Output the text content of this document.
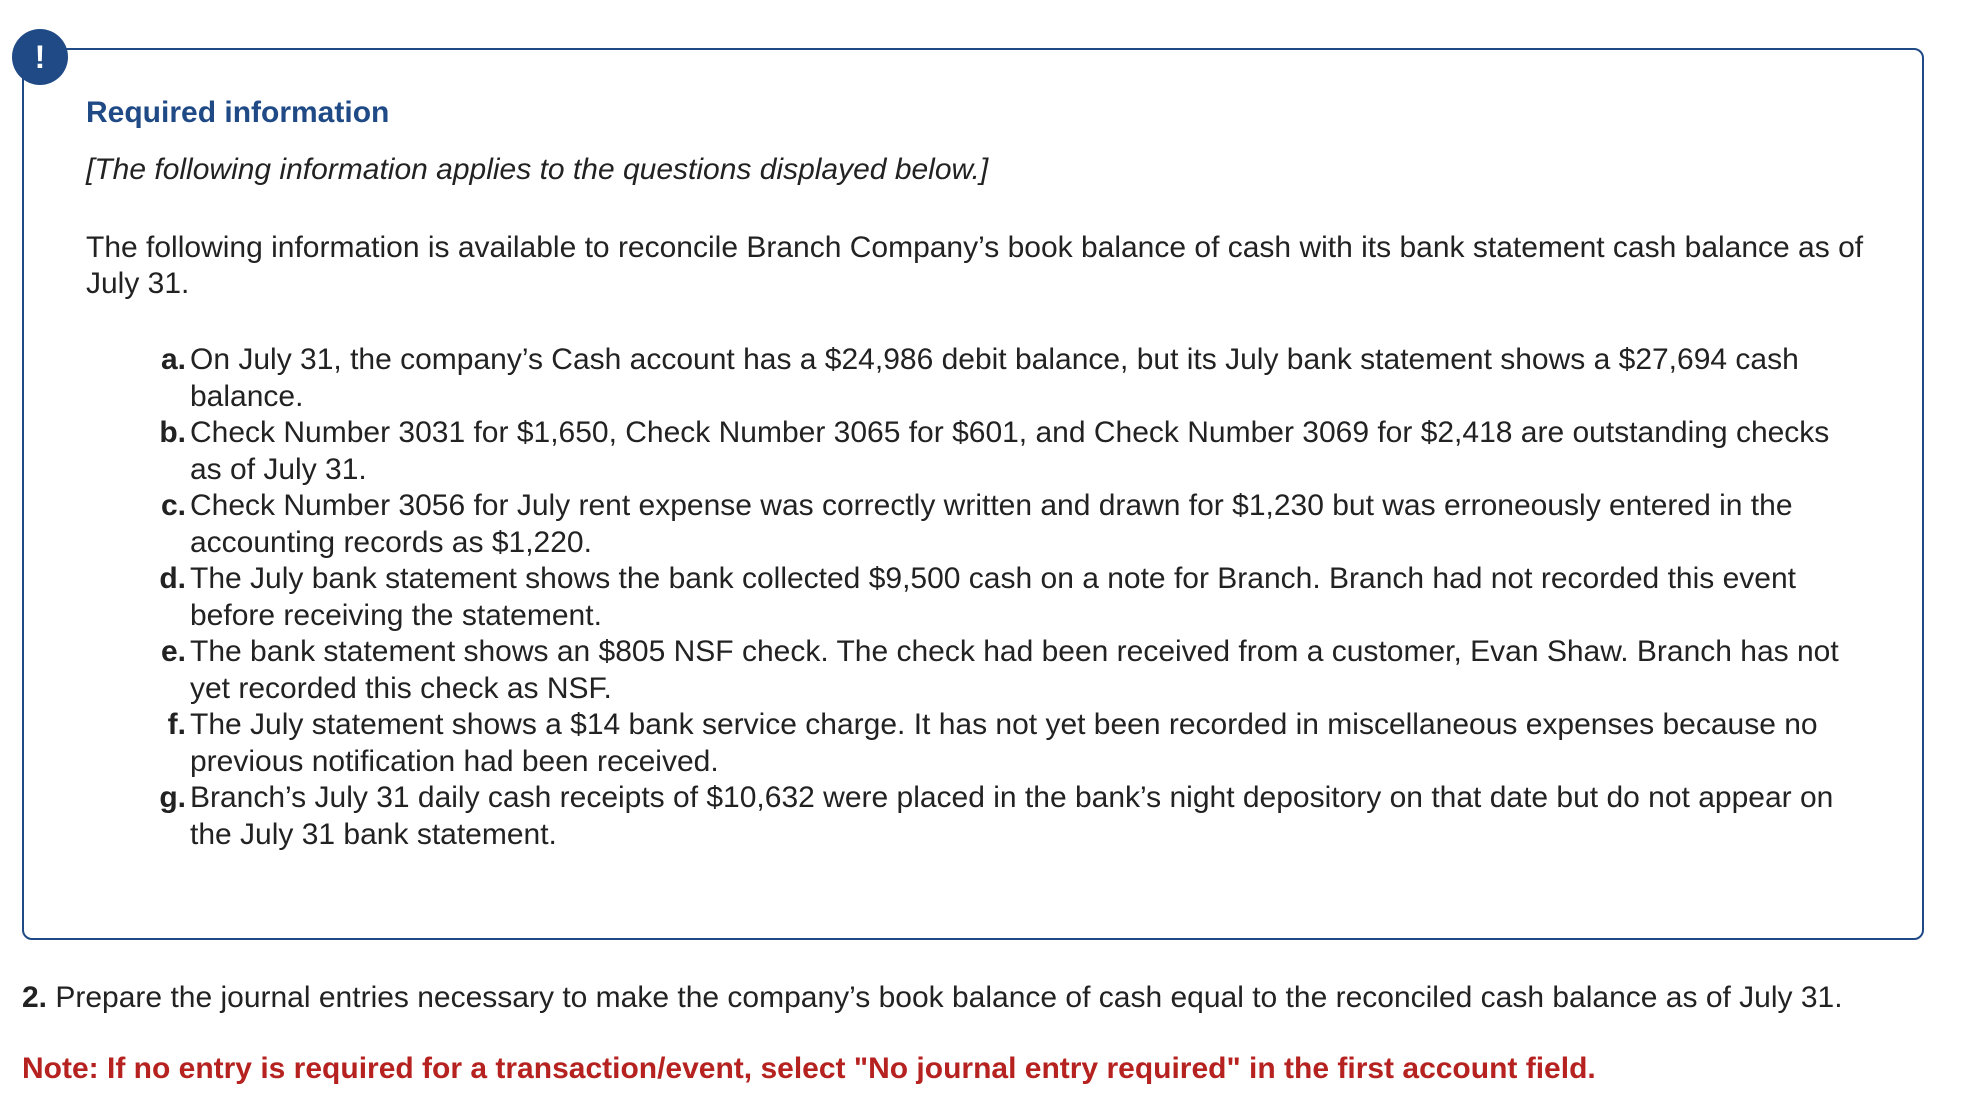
!
Required information
[The following information applies to the questions displayed below.]
The following information is available to reconcile Branch Company’s book balance of cash with its bank statement cash balance as of July 31.
a. On July 31, the company’s Cash account has a $24,986 debit balance, but its July bank statement shows a $27,694 cash balance.
b. Check Number 3031 for $1,650, Check Number 3065 for $601, and Check Number 3069 for $2,418 are outstanding checks as of July 31.
c. Check Number 3056 for July rent expense was correctly written and drawn for $1,230 but was erroneously entered in the accounting records as $1,220.
d. The July bank statement shows the bank collected $9,500 cash on a note for Branch. Branch had not recorded this event before receiving the statement.
e. The bank statement shows an $805 NSF check. The check had been received from a customer, Evan Shaw. Branch has not yet recorded this check as NSF.
f. The July statement shows a $14 bank service charge. It has not yet been recorded in miscellaneous expenses because no previous notification had been received.
g. Branch’s July 31 daily cash receipts of $10,632 were placed in the bank’s night depository on that date but do not appear on the July 31 bank statement.
2. Prepare the journal entries necessary to make the company’s book balance of cash equal to the reconciled cash balance as of July 31.
Note: If no entry is required for a transaction/event, select "No journal entry required" in the first account field.
